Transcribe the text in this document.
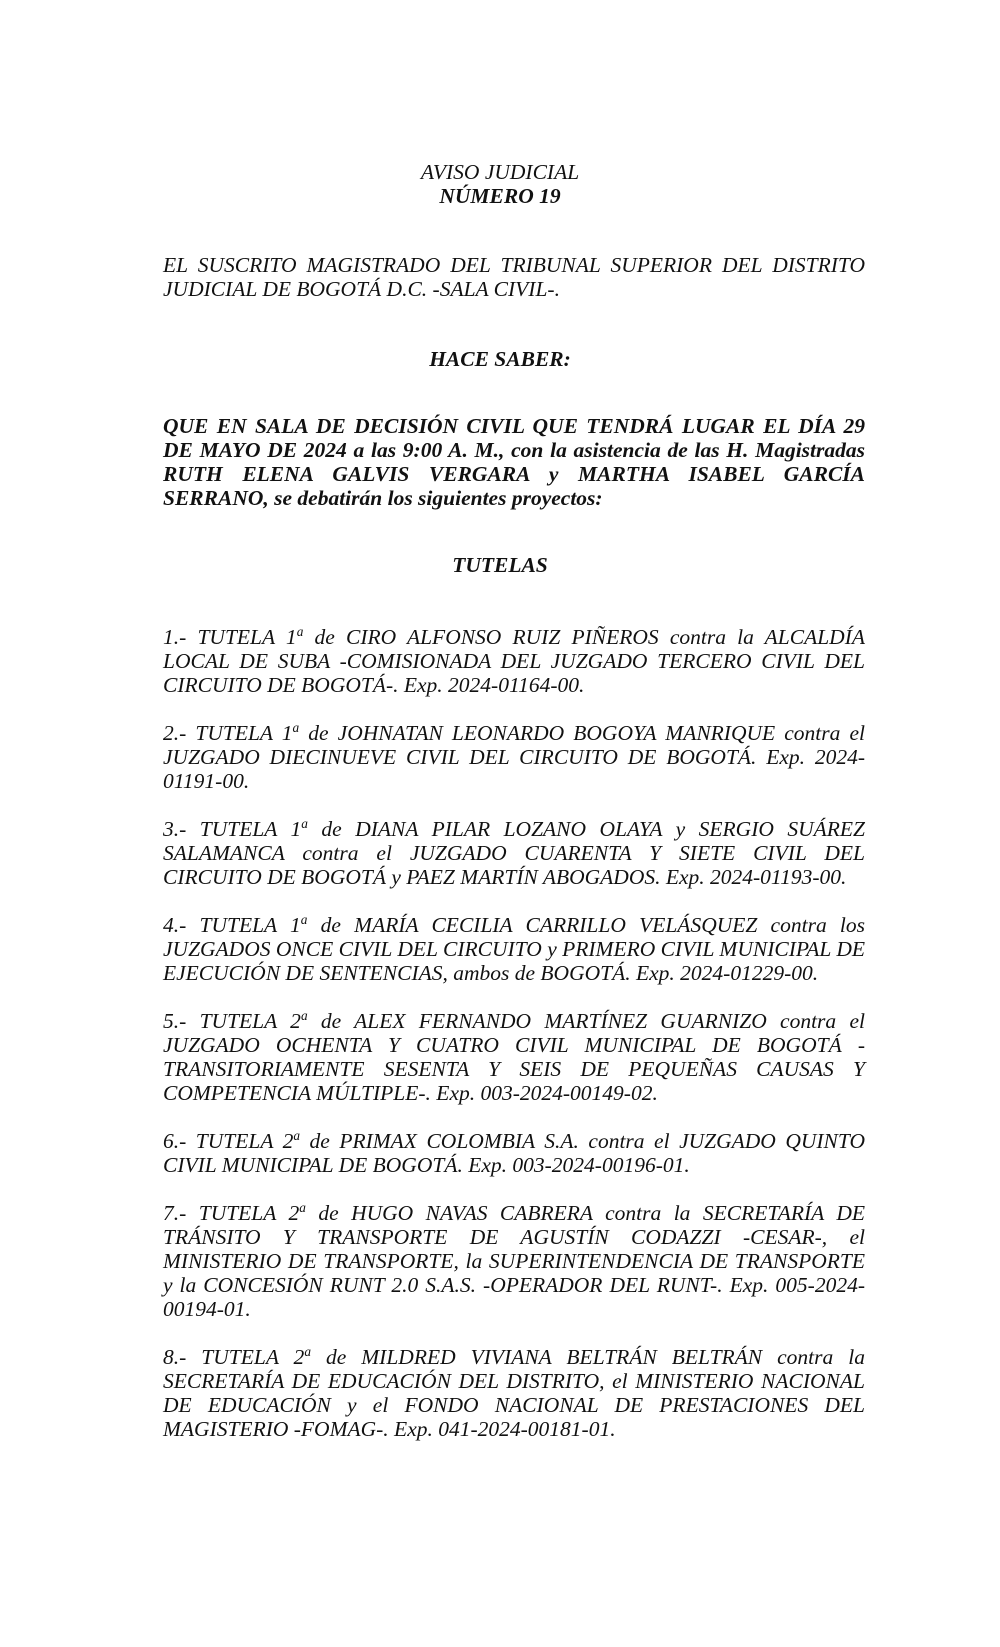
AVISO JUDICIAL
NÚMERO 19

EL SUSCRITO MAGISTRADO DEL TRIBUNAL SUPERIOR DEL DISTRITO JUDICIAL DE BOGOTÁ D.C. -SALA CIVIL-.

HACE SABER:

QUE EN SALA DE DECISIÓN CIVIL QUE TENDRÁ LUGAR EL DÍA 29 DE MAYO DE 2024 a las 9:00 A. M., con la asistencia de las H. Magistradas RUTH ELENA GALVIS VERGARA y MARTHA ISABEL GARCÍA SERRANO, se debatirán los siguientes proyectos:

TUTELAS

1.- TUTELA 1$^a$ de CIRO ALFONSO RUIZ PIÑEROS contra la ALCALDÍA LOCAL DE SUBA -COMISIONADA DEL JUZGADO TERCERO CIVIL DEL CIRCUITO DE BOGOTÁ-. Exp. 2024-01164-00.

2.- TUTELA 1$^a$ de JOHNATAN LEONARDO BOGOYA MANRIQUE contra el JUZGADO DIECINUEVE CIVIL DEL CIRCUITO DE BOGOTÁ. Exp. 2024-01191-00.

3.- TUTELA 1$^a$ de DIANA PILAR LOZANO OLAYA y SERGIO SUÁREZ SALAMANCA contra el JUZGADO CUARENTA Y SIETE CIVIL DEL CIRCUITO DE BOGOTÁ y PAEZ MARTÍN ABOGADOS. Exp. 2024-01193-00.

4.- TUTELA 1$^a$ de MARÍA CECILIA CARRILLO VELÁSQUEZ contra los JUZGADOS ONCE CIVIL DEL CIRCUITO y PRIMERO CIVIL MUNICIPAL DE EJECUCIÓN DE SENTENCIAS, ambos de BOGOTÁ. Exp. 2024-01229-00.

5.- TUTELA 2$^a$ de ALEX FERNANDO MARTÍNEZ GUARNIZO contra el JUZGADO OCHENTA Y CUATRO CIVIL MUNICIPAL DE BOGOTÁ -TRANSITORIAMENTE SESENTA Y SEIS DE PEQUEÑAS CAUSAS Y COMPETENCIA MÚLTIPLE-. Exp. 003-2024-00149-02.

6.- TUTELA 2$^a$ de PRIMAX COLOMBIA S.A. contra el JUZGADO QUINTO CIVIL MUNICIPAL DE BOGOTÁ. Exp. 003-2024-00196-01.

7.- TUTELA 2$^a$ de HUGO NAVAS CABRERA contra la SECRETARÍA DE TRÁNSITO Y TRANSPORTE DE AGUSTÍN CODAZZI -CESAR-, el MINISTERIO DE TRANSPORTE, la SUPERINTENDENCIA DE TRANSPORTE y la CONCESIÓN RUNT 2.0 S.A.S. -OPERADOR DEL RUNT-. Exp. 005-2024-00194-01.

8.- TUTELA 2$^a$ de MILDRED VIVIANA BELTRÁN BELTRÁN contra la SECRETARÍA DE EDUCACIÓN DEL DISTRITO, el MINISTERIO NACIONAL DE EDUCACIÓN y el FONDO NACIONAL DE PRESTACIONES DEL MAGISTERIO -FOMAG-. Exp. 041-2024-00181-01.
